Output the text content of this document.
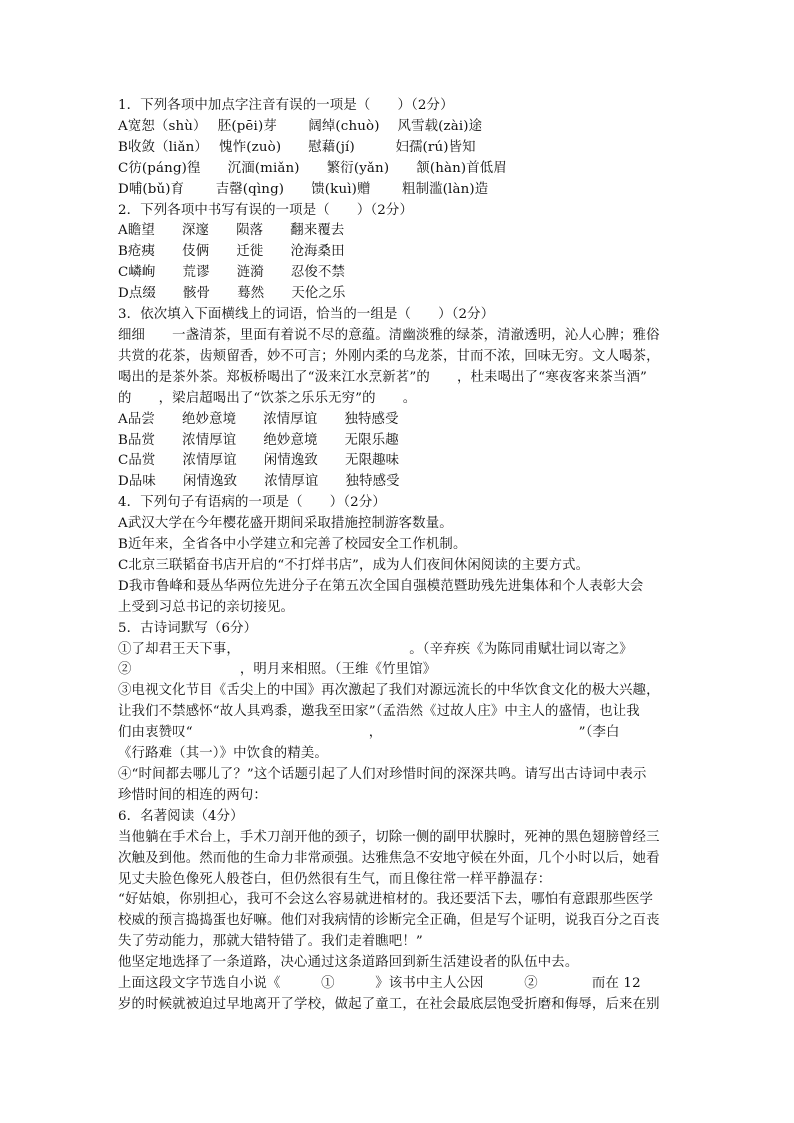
1．下列各项中加点字注音有误的一项是（　　）（2分）
A宽恕（shù）　 胚(pēi)芽　　 阔绰(chuò)　 风雪载(zài)途
B收敛（liǎn）　 愧怍(zuò)　　慰藉(jí)　　　妇孺(rú)皆知
C彷(páng)徨　　沉湎(miǎn)　　繁衍(yǎn)　　颔(hàn)首低眉
D哺(bǔ)育　　 吉罄(qìng)　　馈(kuì)赠　　 粗制滥(làn)造
2．下列各项中书写有误的一项是（　　）（2分）
A瞻望　　深邃　　陨落　　翻来覆去
B疮痍　　伎俩　　迁徙　　沧海桑田
C嶙峋　　荒谬　　涟漪　　忍俊不禁
D点缀　　骸骨　　蓦然　　天伦之乐
3．依次填入下面横线上的词语，恰当的一组是（　　）（2分）
细细　　一盏清茶，里面有着说不尽的意蕴。清幽淡雅的绿茶，清澈透明，沁人心脾；雅俗
共赏的花茶，齿颊留香，妙不可言；外刚内柔的乌龙茶，甘而不浓，回味无穷。文人喝茶，
喝出的是茶外茶。郑板桥喝出了“汲来江水烹新茗”的　　，杜耒喝出了“寒夜客来茶当酒”
的　　，梁启超喝出了“饮茶之乐乐无穷”的　　。
A品尝　　绝妙意境　　浓情厚谊　　独特感受
B品赏　　浓情厚谊　　绝妙意境　　无限乐趣
C品赏　　浓情厚谊　　闲情逸致　　无限趣味
D品味　　闲情逸致　　浓情厚谊　　独特感受
4．下列句子有语病的一项是（　　）（2分）
A武汉大学在今年樱花盛开期间采取措施控制游客数量。
B近年来，全省各中小学建立和完善了校园安全工作机制。
C北京三联韬奋书店开启的“不打烊书店”，成为人们夜间休闲阅读的主要方式。
D我市鲁峰和聂丛华两位先进分子在第五次全国自强模范暨助残先进集体和个人表彰大会
上受到习总书记的亲切接见。
5．古诗词默写（6分）
①了却君王天下事，　　　　　　　　　　　　　。（辛弃疾《为陈同甫赋壮词以寄之》
②　　　　　　　　，明月来相照。（王维《竹里馆》
③电视文化节目《舌尖上的中国》再次激起了我们对源远流长的中华饮食文化的极大兴趣，
让我们不禁感怀“故人具鸡黍，邀我至田家”（孟浩然《过故人庄》中主人的盛情，也让我
们由衷赞叹“　　　　　　　　　　　　　，　　　　　　　　　　　　　　　”（李白
《行路难（其一）》中饮食的精美。
④“时间都去哪儿了？”这个话题引起了人们对珍惜时间的深深共鸣。请写出古诗词中表示
珍惜时间的相连的两句：
6．名著阅读（4分）
当他躺在手术台上，手术刀剖开他的颈子，切除一侧的副甲状腺时，死神的黑色翅膀曾经三
次触及到他。然而他的生命力非常顽强。达雅焦急不安地守候在外面，几个小时以后，她看
见丈夫脸色像死人般苍白，但仍然很有生气，而且像往常一样平静温存：
“好姑娘，你别担心，我可不会这么容易就进棺材的。我还要活下去，哪怕有意跟那些医学
校威的预言捣捣蛋也好嘛。他们对我病情的诊断完全正确，但是写个证明，说我百分之百丧
失了劳动能力，那就大错特错了。我们走着瞧吧！”
他坚定地选择了一条道路，决心通过这条道路回到新生活建设者的队伍中去。
上面这段文字节选自小说《　　　①　　　》该书中主人公因　　　②　　　　而在 12
岁的时候就被迫过早地离开了学校，做起了童工，在社会最底层饱受折磨和侮辱，后来在别
